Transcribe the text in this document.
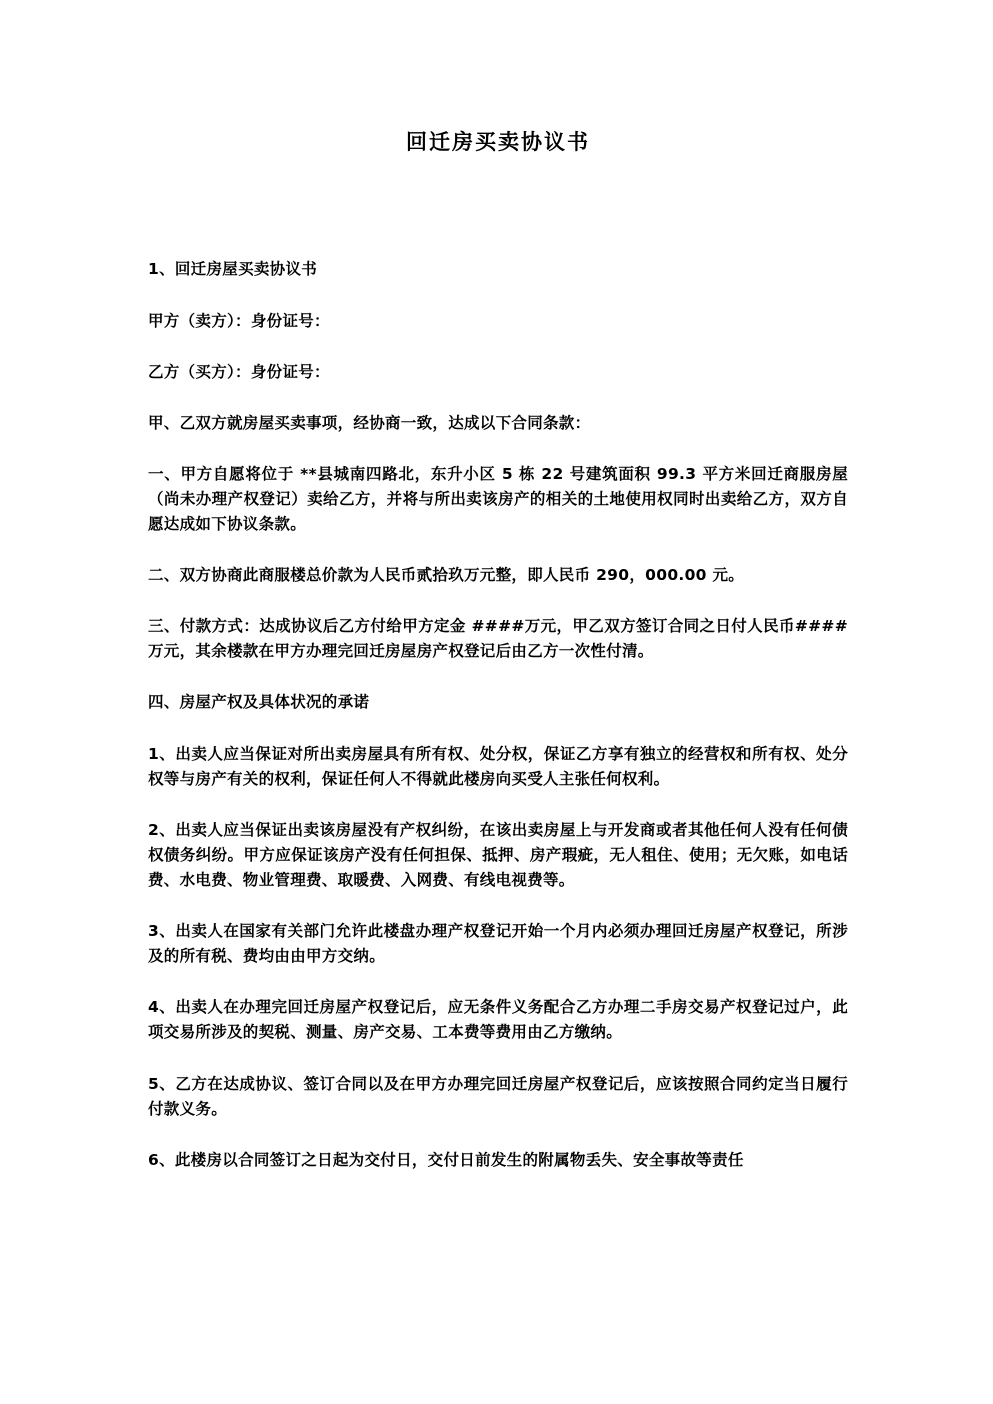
回迁房买卖协议书

1、回迁房屋买卖协议书

甲方（卖方）：身份证号：

乙方（买方）：身份证号：

甲、乙双方就房屋买卖事项，经协商一致，达成以下合同条款：

一、甲方自愿将位于 **县城南四路北，东升小区 5 栋 22 号建筑面积 99.3 平方米回迁商服房屋（尚未办理产权登记）卖给乙方，并将与所出卖该房产的相关的土地使用权同时出卖给乙方，双方自愿达成如下协议条款。

二、双方协商此商服楼总价款为人民币贰拾玖万元整，即人民币 290，000.00 元。

三、付款方式：达成协议后乙方付给甲方定金 ####万元，甲乙双方签订合同之日付人民币####万元，其余楼款在甲方办理完回迁房屋房产权登记后由乙方一次性付清。

四、房屋产权及具体状况的承诺

1、出卖人应当保证对所出卖房屋具有所有权、处分权，保证乙方享有独立的经营权和所有权、处分权等与房产有关的权利，保证任何人不得就此楼房向买受人主张任何权利。

2、出卖人应当保证出卖该房屋没有产权纠纷，在该出卖房屋上与开发商或者其他任何人没有任何债权债务纠纷。甲方应保证该房产没有任何担保、抵押、房产瑕疵，无人租住、使用；无欠账，如电话费、水电费、物业管理费、取暖费、入网费、有线电视费等。

3、出卖人在国家有关部门允许此楼盘办理产权登记开始一个月内必须办理回迁房屋产权登记，所涉及的所有税、费均由由甲方交纳。

4、出卖人在办理完回迁房屋产权登记后，应无条件义务配合乙方办理二手房交易产权登记过户，此项交易所涉及的契税、测量、房产交易、工本费等费用由乙方缴纳。

5、乙方在达成协议、签订合同以及在甲方办理完回迁房屋产权登记后，应该按照合同约定当日履行付款义务。

6、此楼房以合同签订之日起为交付日，交付日前发生的附属物丢失、安全事故等责任
